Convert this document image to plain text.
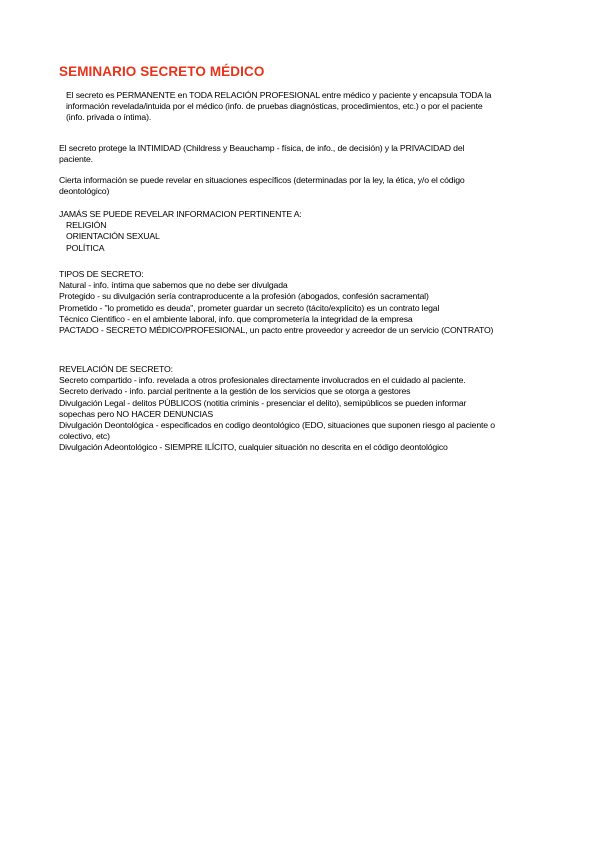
SEMINARIO SECRETO MÉDICO
El secreto es PERMANENTE en TODA RELACIÓN PROFESIONAL entre médico y paciente y encapsula TODA la
información revelada/intuida por el médico (info. de pruebas diagnósticas, procedimientos, etc.) o por el paciente
(info. privada o íntima).
El secreto protege la INTIMIDAD (Childress y Beauchamp - física, de info., de decisión) y la PRIVACIDAD del
paciente.
Cierta información se puede revelar en situaciones específicos (determinadas por la ley, la ética, y/o el código
deontológico)
JAMÁS SE PUEDE REVELAR INFORMACION PERTINENTE A:
RELIGIÓN
ORIENTACIÓN SEXUAL
POLÍTICA
TIPOS DE SECRETO:
Natural - info. íntima que sabemos que no debe ser divulgada
Protegido - su divulgación sería contraproducente a la profesión (abogados, confesión sacramental)
Prometido - "lo prometido es deuda", prometer guardar un secreto (tácito/explícito) es un contrato legal
Técnico Cientifico - en el ambiente laboral, info. que comprometería la integridad de la empresa
PACTADO - SECRETO MÉDICO/PROFESIONAL, un pacto entre proveedor y acreedor de un servicio (CONTRATO)
REVELACIÓN DE SECRETO:
Secreto compartido - info. revelada a otros profesionales directamente involucrados en el cuidado al paciente.
Secreto derivado - info. parcial peritnente a la gestión de los servicios que se otorga a gestores
Divulgación Legal - delitos PÚBLICOS (notitia criminis - presenciar el delito), semipúblicos se pueden informar
sopechas pero NO HACER DENUNCIAS
Divulgación Deontológica - especificados en codigo deontológico (EDO, situaciones que suponen riesgo al paciente o
colectivo, etc)
Divulgación Adeontológico - SIEMPRE ILÍCITO, cualquier situación no descrita en el código deontológico
